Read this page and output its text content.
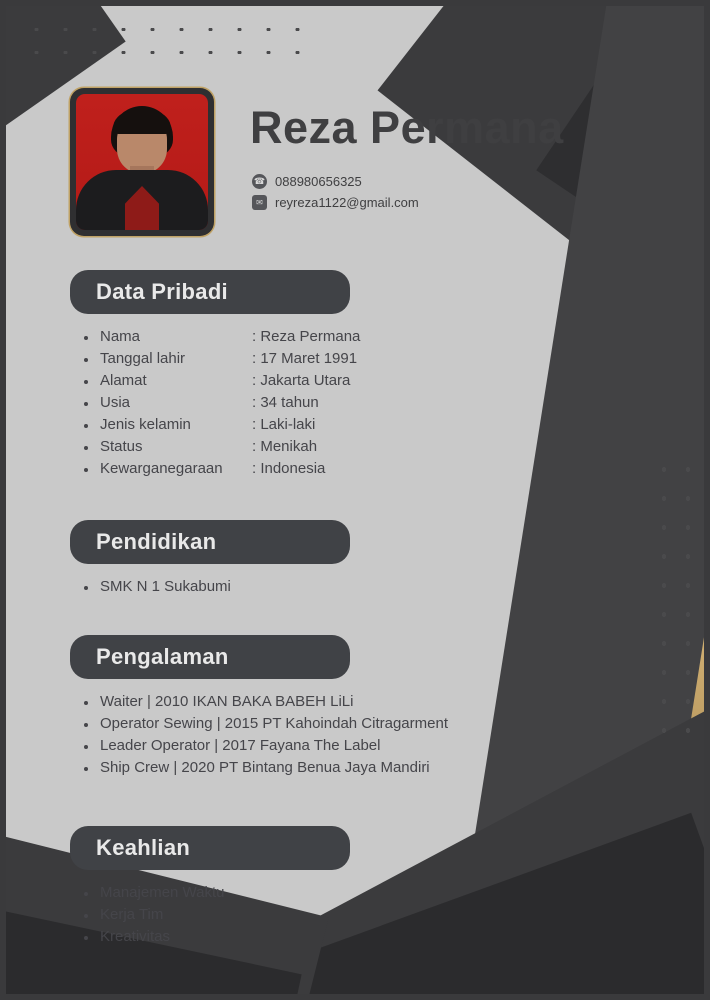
Reza Permana
☎ 088980656325
✉ reyreza1122@gmail.com
Data Pribadi
Nama	: Reza Permana
Tanggal lahir	: 17 Maret 1991
Alamat	: Jakarta Utara
Usia	: 34 tahun
Jenis kelamin	: Laki-laki
Status	: Menikah
Kewarganegaraan	: Indonesia
Pendidikan
SMK N 1 Sukabumi
Pengalaman
Waiter | 2010 IKAN BAKA BABEH LiLi
Operator Sewing | 2015 PT Kahoindah Citragarment
Leader Operator | 2017 Fayana The Label
Ship Crew | 2020 PT Bintang Benua Jaya Mandiri
Keahlian
Manajemen Waktu
Kerja Tim
Kreativitas
